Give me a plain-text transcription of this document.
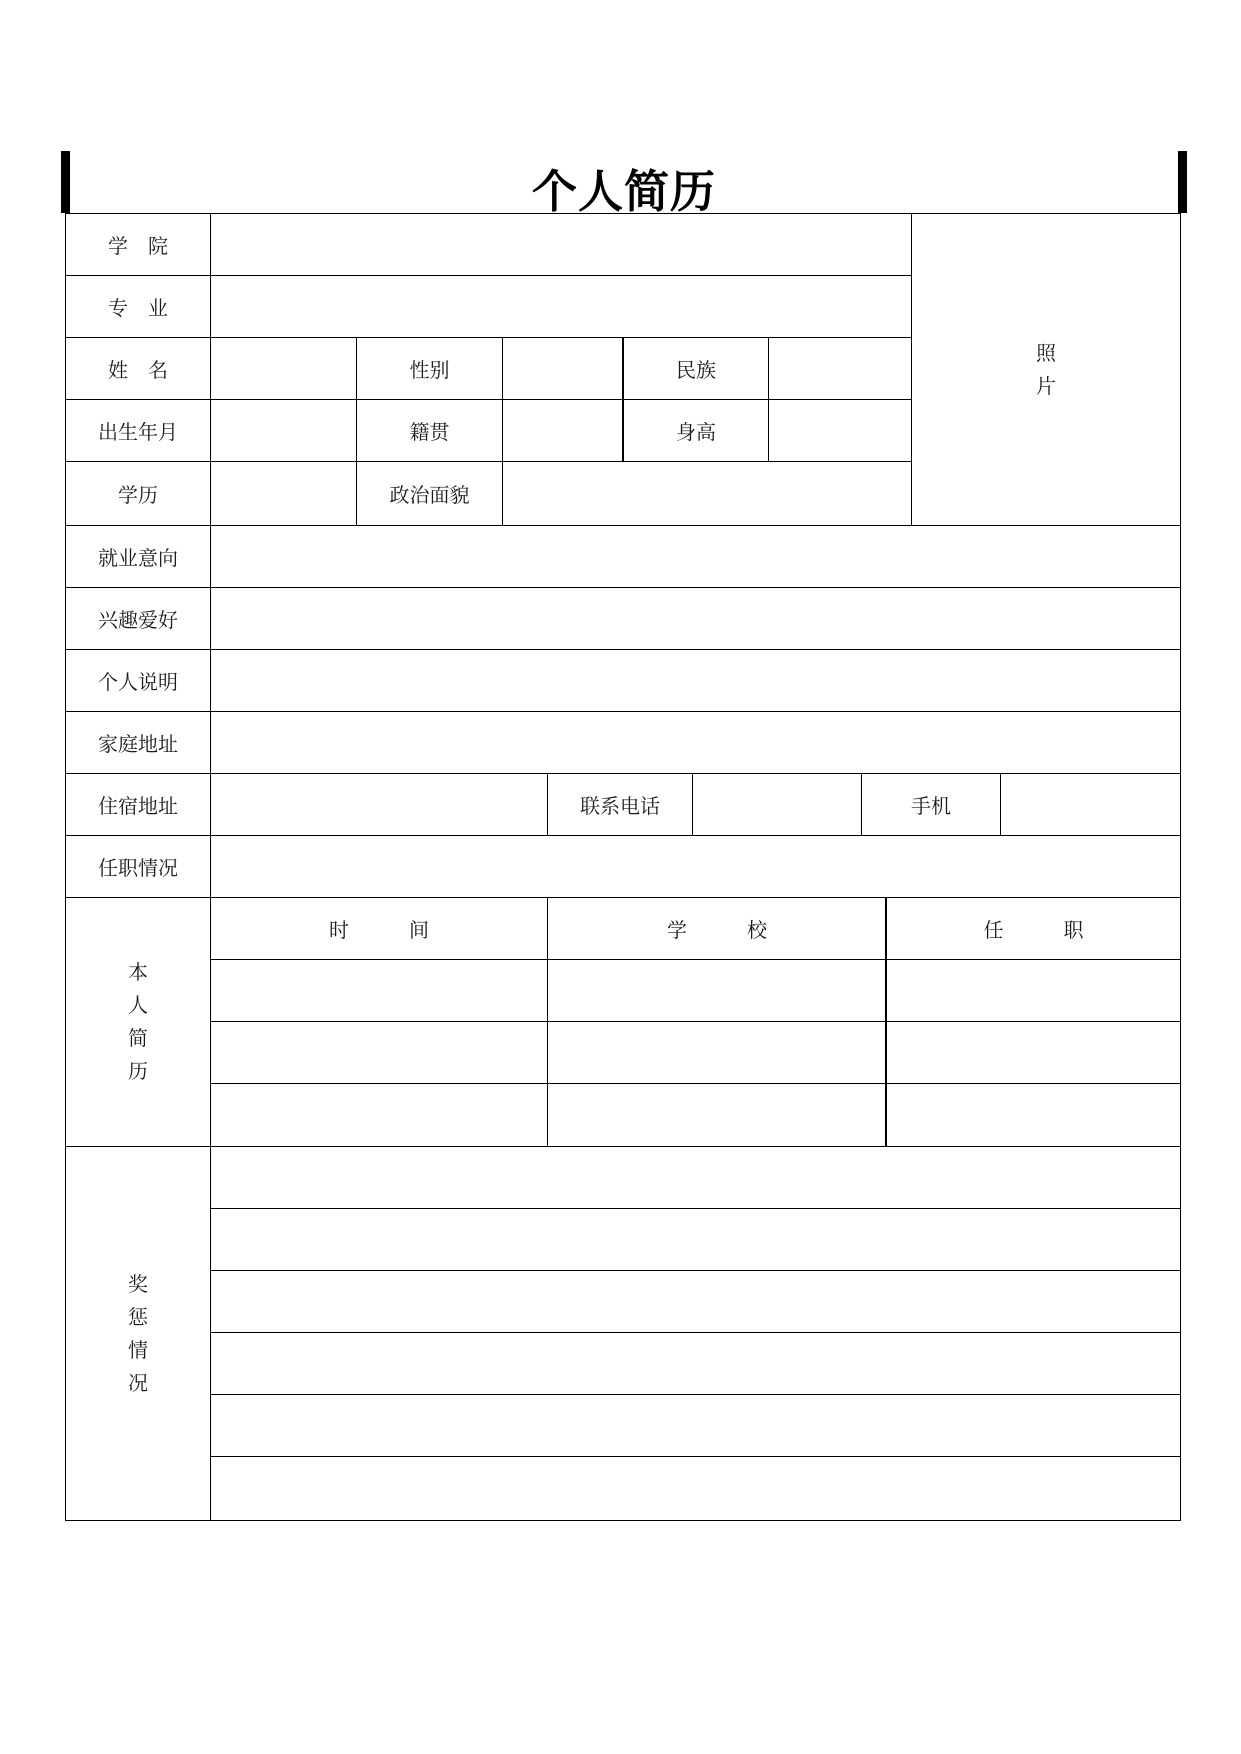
个人简历
学　院
照
片
专　业
姓　名	性别	民族
出生年月	籍贯	身高
学历	政治面貌
就业意向
兴趣爱好
个人说明
家庭地址
住宿地址	联系电话	手机
任职情况
本
人
简
历
时　　　间	学　　　校	任　　　职
奖
惩
情
况
